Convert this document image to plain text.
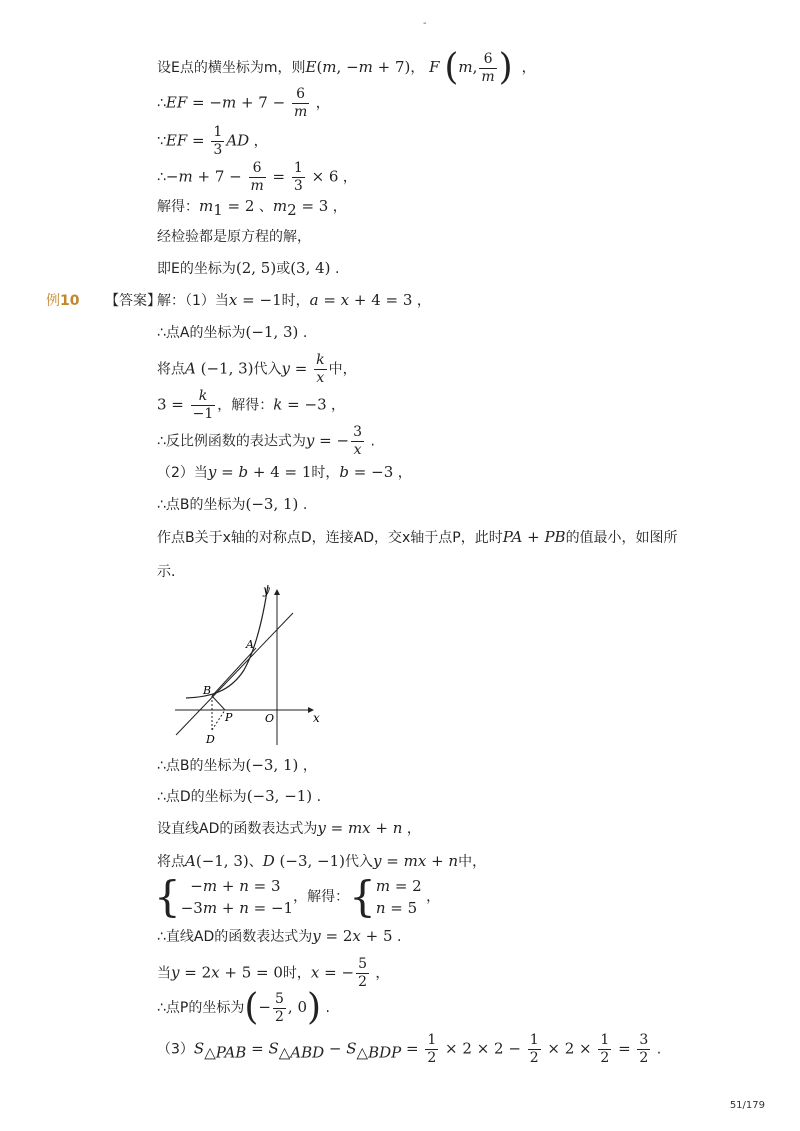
-
设E点的横坐标为m，则E(m, −m + 7)， F (m, $\frac{6}{m}$ )  ，
∴EF = $-m + 7 - \frac{6}{m}$ ，
∵EF = $\frac{1}{3}$ AD ，
∴−m + $7 - \frac{6}{m} = \frac{1}{3} \times 6$ ，
解得：$m_1 = 2$ 、$m_2 = 3$ ，
经检验都是原方程的解，
即E的坐标为(2, 5)或(3, 4) .
例10 【答案】
解：（1）当x = −1时，a = x + 4 = 3 ，
∴点A的坐标为(−1, 3) .
将点A (−1, 3)代入$y = \frac{k}{x}$ 中，
$3 = \frac{k}{-1}$ ，解得：k = −3 ，
∴反比例函数的表达式为y = − $\frac{3}{x}$ .
（2）当y = b + 4 = 1时，b = −3 ，
∴点B的坐标为(−3, 1) .
作点B关于x轴的对称点D，连接AD，交x轴于点P，此时PA + PB的值最小，如图所
示．
y
x
A
B
P	O
D
∴点B的坐标为(−3, 1) ，
∴点D的坐标为(−3, −1) .
设直线AD的函数表达式为y = mx + n ，
将点A(−1, 3)、D (−3, −1)代入y = mx + n中，
{ −m + n = 3
−3m + n = −1
，解得：{ m = 2
n = 5
，
∴直线AD的函数表达式为y = 2x + 5 .
当y = 2x + 5 = 0时，x = − $\frac{5}{2}$ ，
∴点P的坐标为(− $\frac{5}{2}$ , 0) .
$(3)S_{\triangle PAB} = S_{\triangle ABD} - S_{\triangle BDP} = \frac{1}{2} \times 2 \times 2 - \frac{1}{2} \times 2 \times \frac{1}{2} = \frac{3}{2}$ .
51/179
